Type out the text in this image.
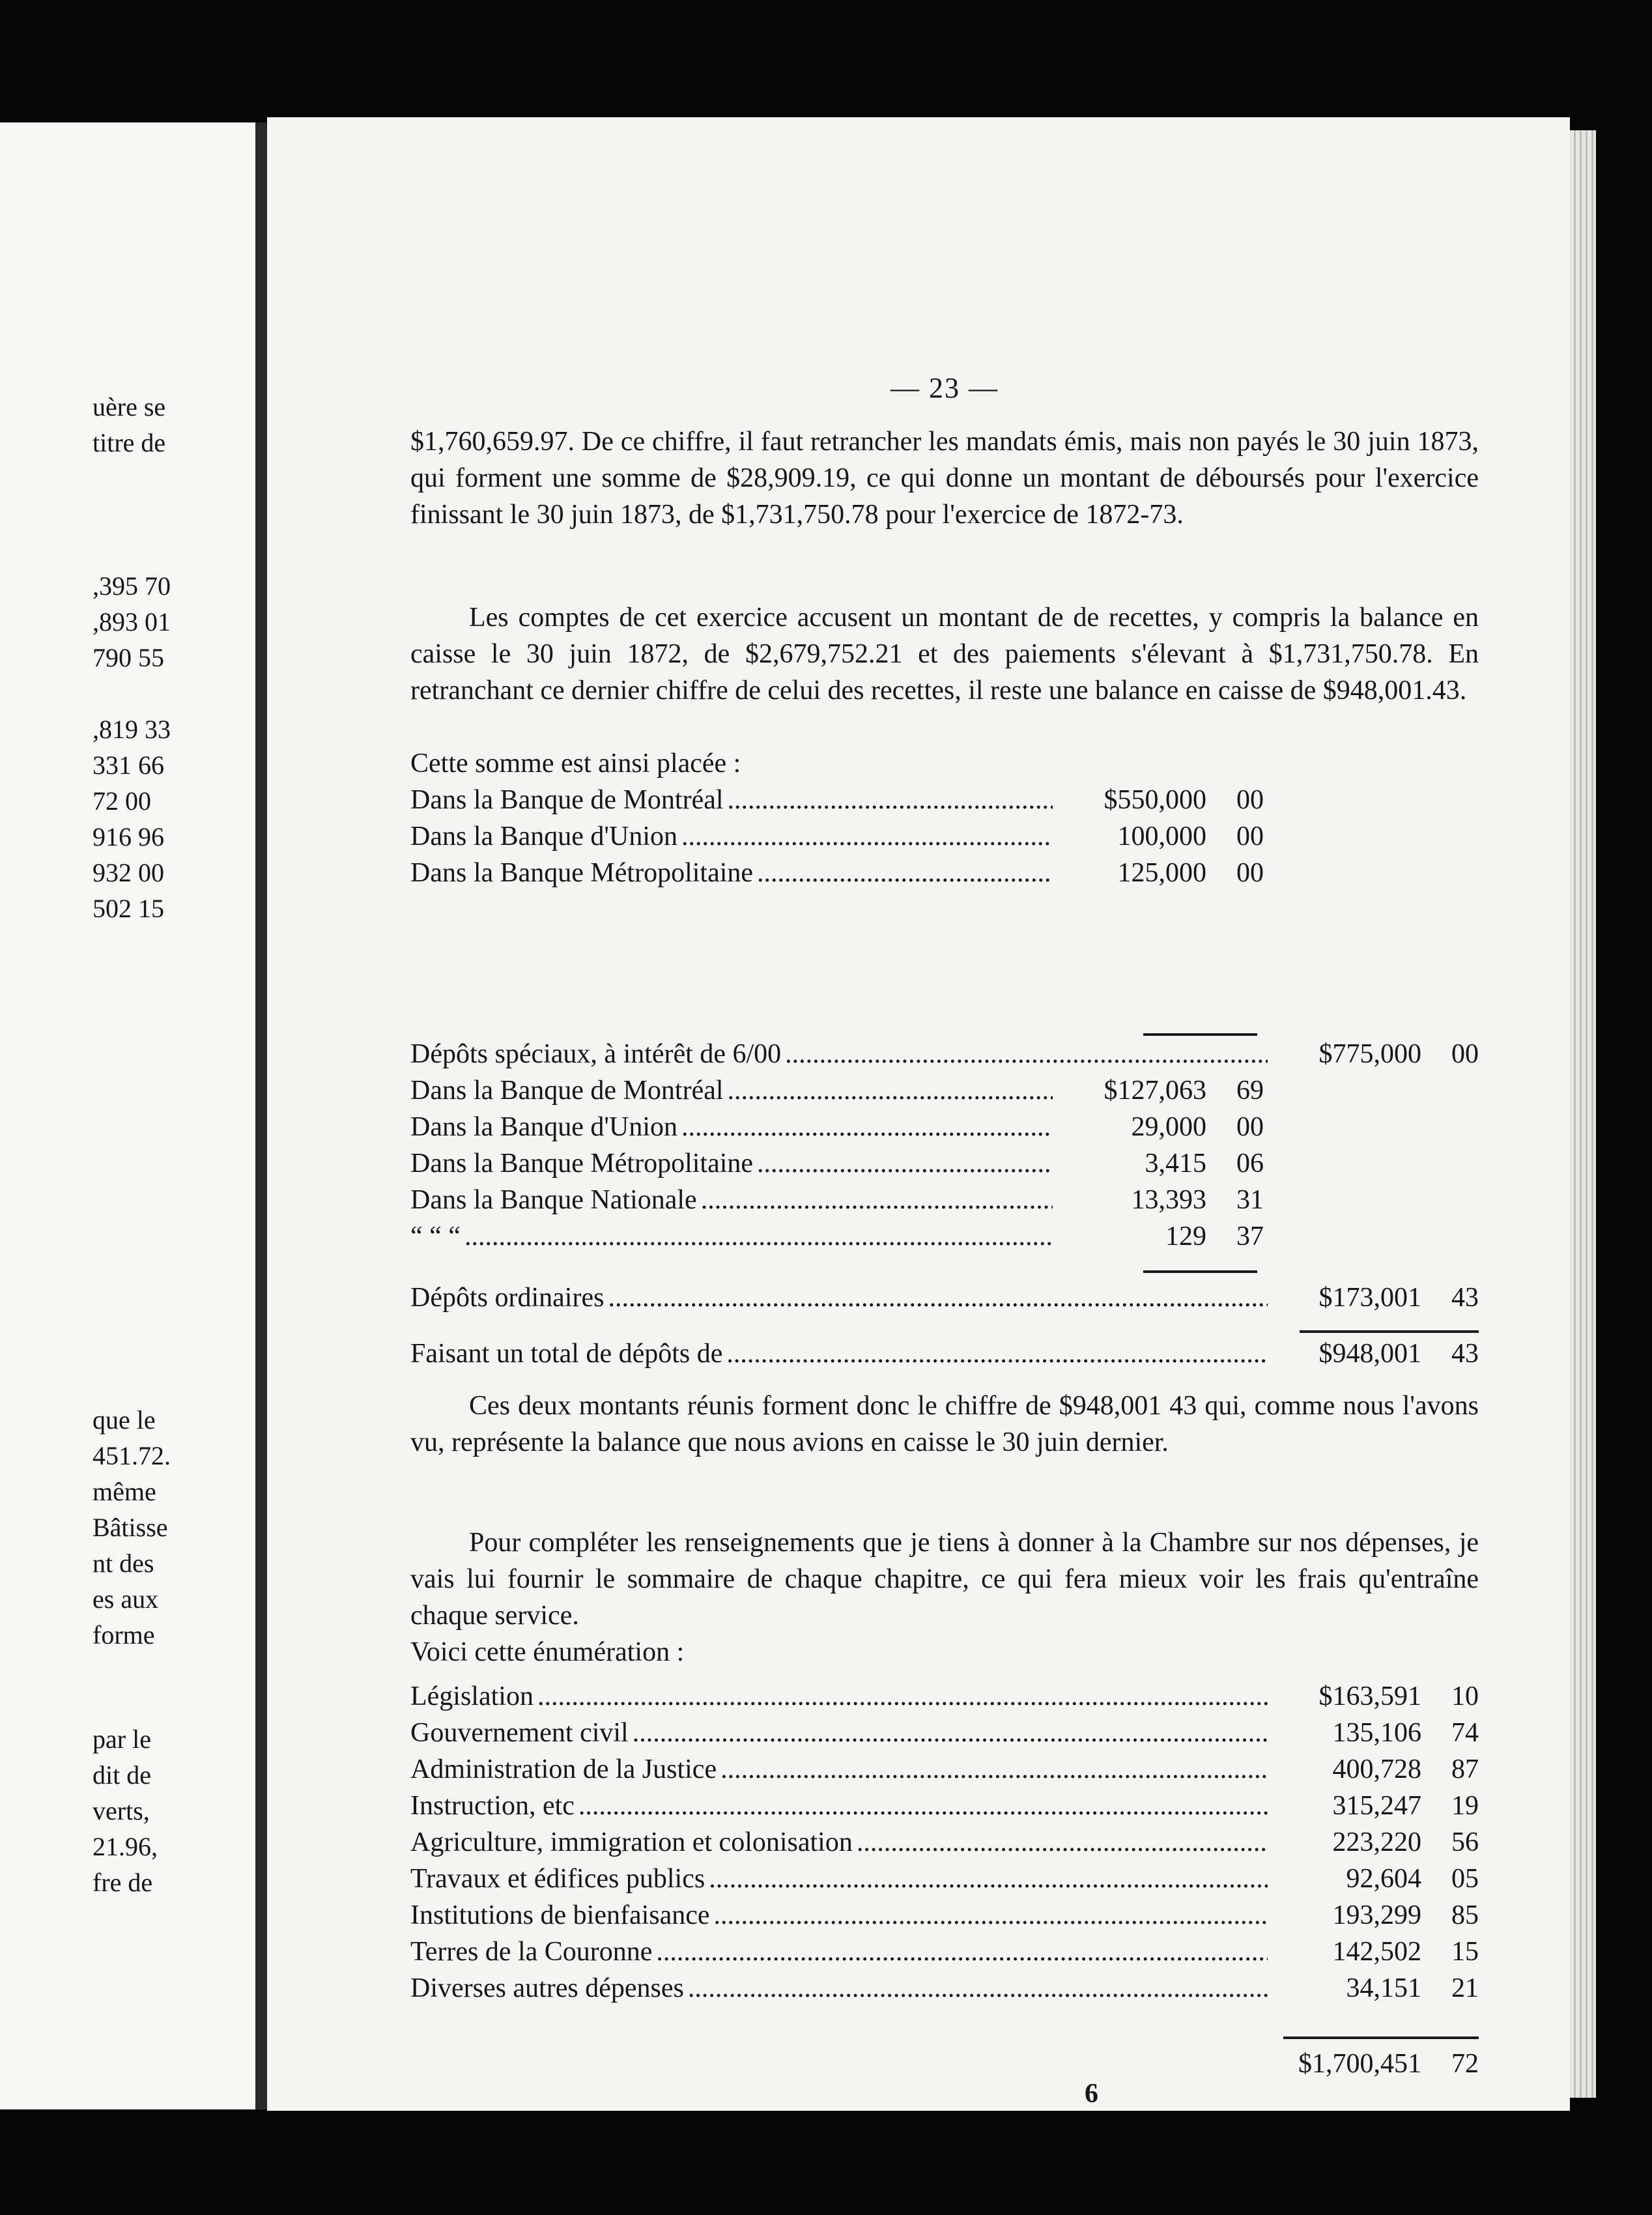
uère se
titre de
,395 70
,893 01
790 55
,819 33
331 66
72 00
916 96
932 00
502 15
que le
451.72.
même
Bâtisse
nt des
es aux
forme
par le
dit de
verts,
21.96,
fre de
— 23 —
$1,760,659.97. De ce chiffre, il faut retrancher les mandats émis, mais non payés le 30 juin 1873, qui forment une somme de $28,909.19, ce qui donne un montant de déboursés pour l'exercice finissant le 30 juin 1873, de $1,731,750.78 pour l'exercice de 1872-73.
Les comptes de cet exercice accusent un montant de de recettes, y compris la balance en caisse le 30 juin 1872, de $2,679,752.21 et des paiements s'élevant à $1,731,750.78. En retranchant ce dernier chiffre de celui des recettes, il reste une balance en caisse de $948,001.43.
Cette somme est ainsi placée :
Dans la Banque de Montréal .....	$550,000	00
Dans la Banque d'Union .....	100,000	00
Dans la Banque Métropolitaine .....	125,000	00
Dépôts spéciaux, à intérêt de 6/00 .....	$775,000	00
Dans la Banque de Montréal .....	$127,063	69
Dans la Banque d'Union .....	29,000	00
Dans la Banque Métropolitaine .....	3,415	06
Dans la Banque Nationale .....	13,393	31
“ “ “ .....	129	37
Dépôts ordinaires .....	$173,001	43
Faisant un total de dépôts de .....	$948,001	43
Ces deux montants réunis forment donc le chiffre de $948,001 43 qui, comme nous l'avons vu, représente la balance que nous avions en caisse le 30 juin dernier.
Pour compléter les renseignements que je tiens à donner à la Chambre sur nos dépenses, je vais lui fournir le sommaire de chaque chapitre, ce qui fera mieux voir les frais qu'entraîne chaque service.
Voici cette énumération :
Législation .....	$163,591	10
Gouvernement civil .....	135,106	74
Administration de la Justice .....	400,728	87
Instruction, etc .....	315,247	19
Agriculture, immigration et colonisation .....	223,220	56
Travaux et édifices publics .....	92,604	05
Institutions de bienfaisance .....	193,299	85
Terres de la Couronne .....	142,502	15
Diverses autres dépenses .....	34,151	21
$1,700,451	72
6
